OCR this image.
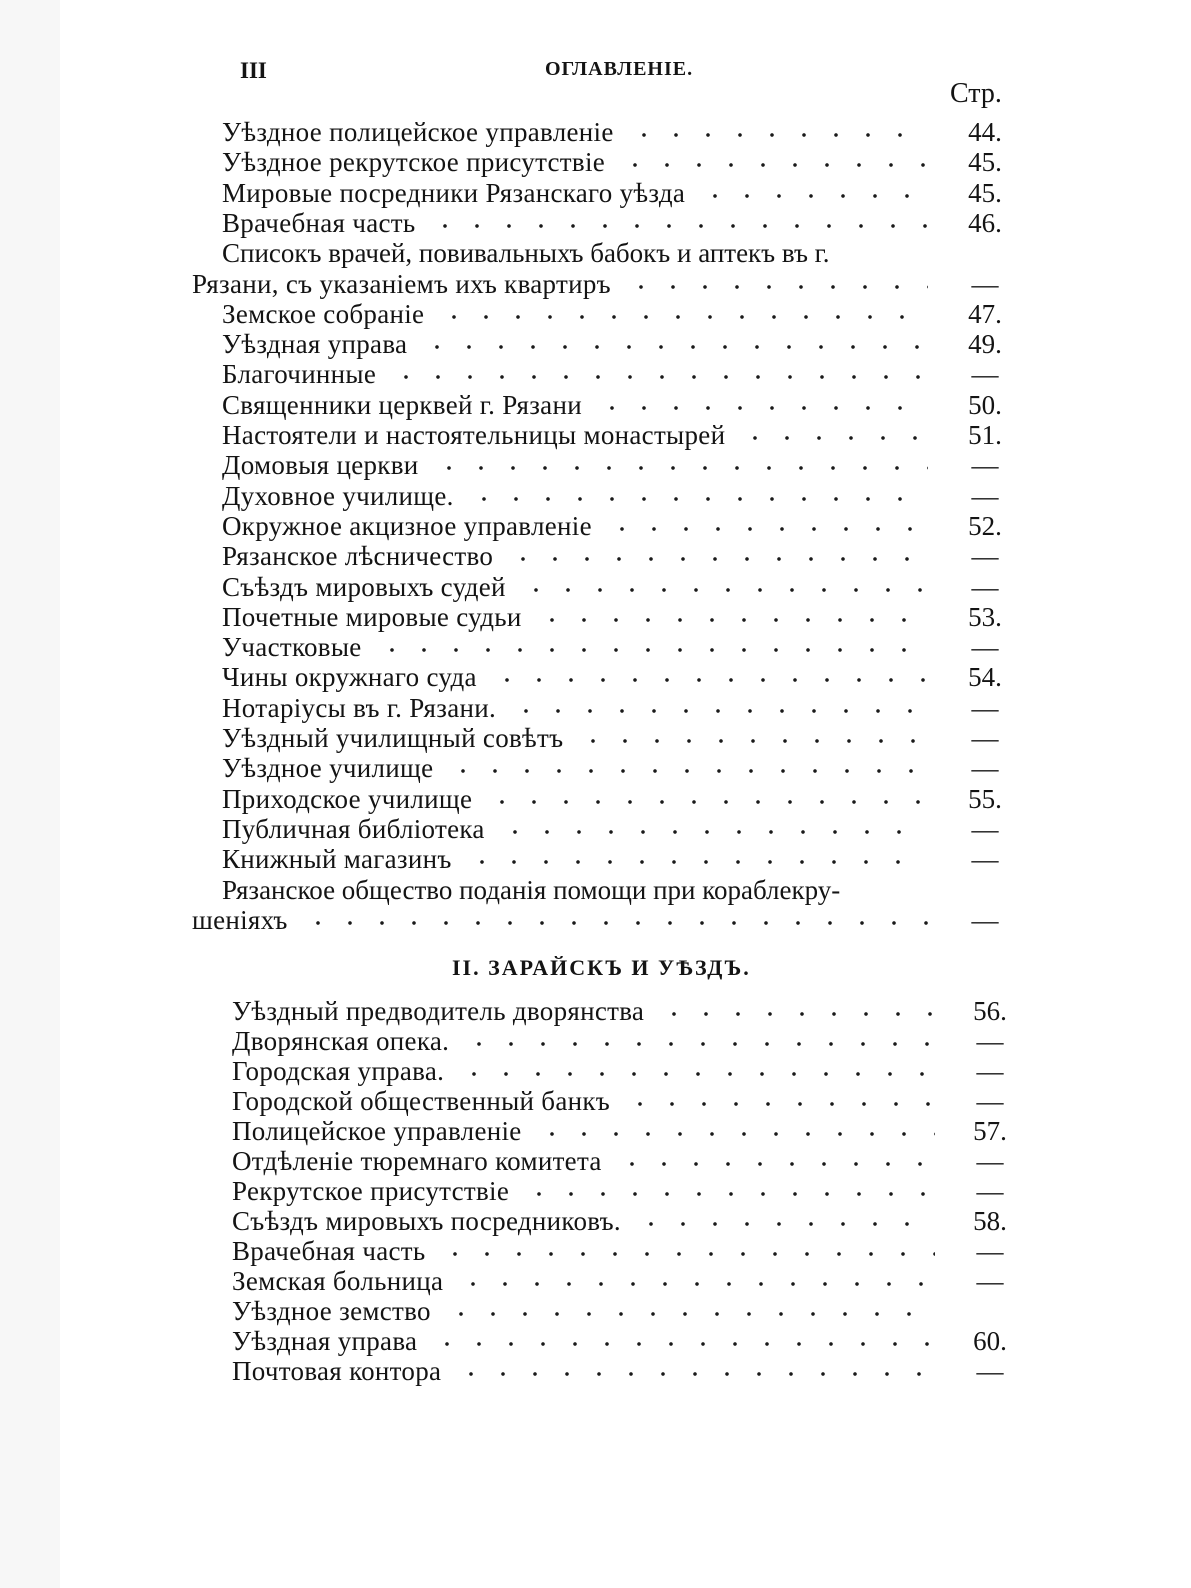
III	ОГЛАВЛЕНІЕ.
Стр.
Уѣздное полицейское управленіе	44.
Уѣздное рекрутское присутствіе	45.
Мировые посредники Рязанскаго уѣзда	45.
Врачебная часть	46.
Списокъ врачей, повивальныхъ бабокъ и аптекъ въ г.
Рязани, съ указаніемъ ихъ квартиръ	—
Земское собраніе	47.
Уѣздная управа	49.
Благочинные	—
Священники церквей г. Рязани	50.
Настоятели и настоятельницы монастырей	51.
Домовыя церкви	—
Духовное училище.	—
Окружное акцизное управленіе	52.
Рязанское лѣсничество	—
Съѣздъ мировыхъ судей	—
Почетные мировые судьи	53.
Участковые	—
Чины окружнаго суда	54.
Нотаріусы въ г. Рязани.	—
Уѣздный училищный совѣтъ	—
Уѣздное училище	—
Приходское училище	55.
Публичная библіотека	—
Книжный магазинъ	—
Рязанское общество поданія помощи при кораблекру-
шеніяхъ	—
II. ЗАРАЙСКЪ И УѢЗДЪ.
Уѣздный предводитель дворянства	56.
Дворянская опека.	—
Городская управа.	—
Городской общественный банкъ	—
Полицейское управленіе	57.
Отдѣленіе тюремнаго комитета	—
Рекрутское присутствіе	—
Съѣздъ мировыхъ посредниковъ.	58.
Врачебная часть	—
Земская больница	—
Уѣздное земство
Уѣздная управа	60.
Почтовая контора	—
